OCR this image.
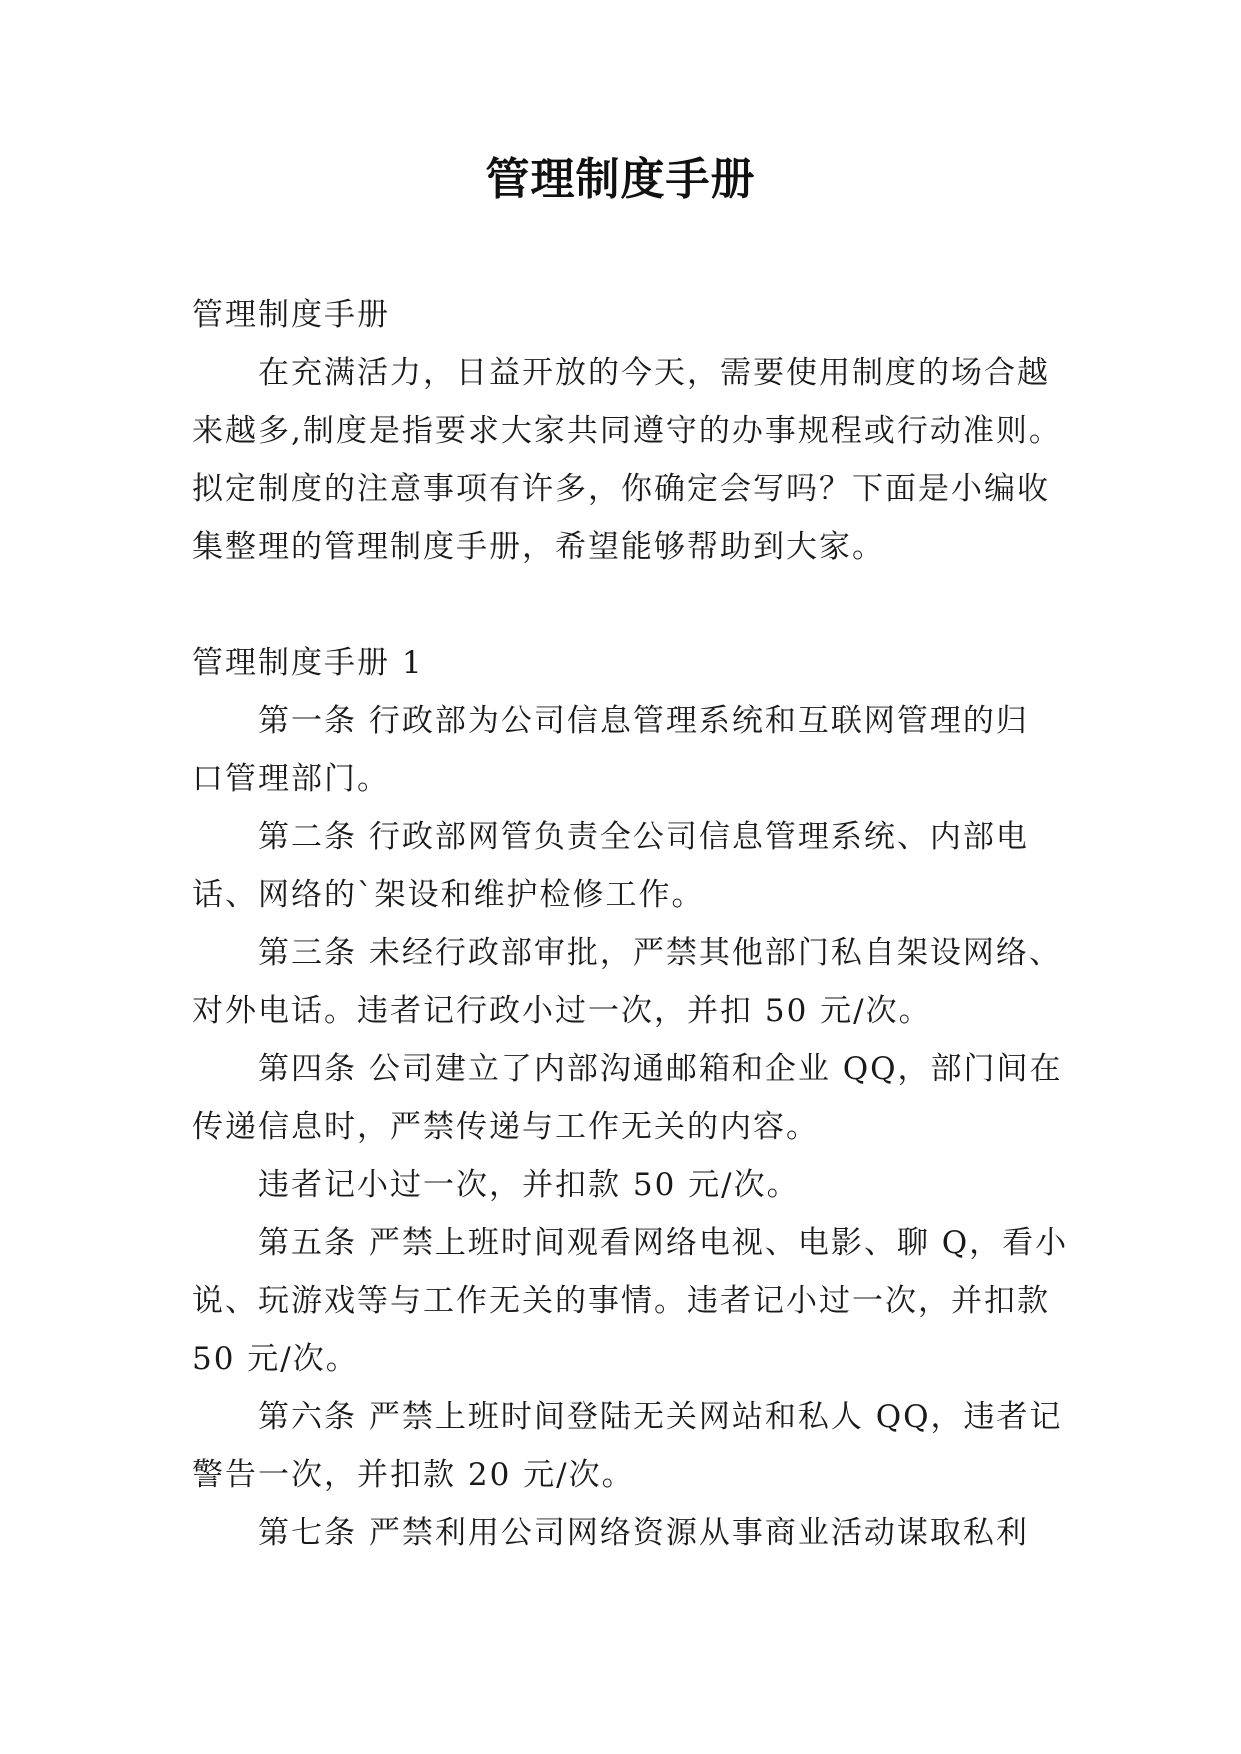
管理制度手册
管理制度手册
在充满活力，日益开放的今天，需要使用制度的场合越
来越多,制度是指要求大家共同遵守的办事规程或行动准则。
拟定制度的注意事项有许多，你确定会写吗？下面是小编收
集整理的管理制度手册，希望能够帮助到大家。
管理制度手册 1
第一条 行政部为公司信息管理系统和互联网管理的归
口管理部门。
第二条 行政部网管负责全公司信息管理系统、内部电
话、网络的`架设和维护检修工作。
第三条 未经行政部审批，严禁其他部门私自架设网络、
对外电话。违者记行政小过一次，并扣 50 元/次。
第四条 公司建立了内部沟通邮箱和企业 QQ，部门间在
传递信息时，严禁传递与工作无关的内容。
违者记小过一次，并扣款 50 元/次。
第五条 严禁上班时间观看网络电视、电影、聊 Q，看小
说、玩游戏等与工作无关的事情。违者记小过一次，并扣款
50 元/次。
第六条 严禁上班时间登陆无关网站和私人 QQ，违者记
警告一次，并扣款 20 元/次。
第七条 严禁利用公司网络资源从事商业活动谋取私利
